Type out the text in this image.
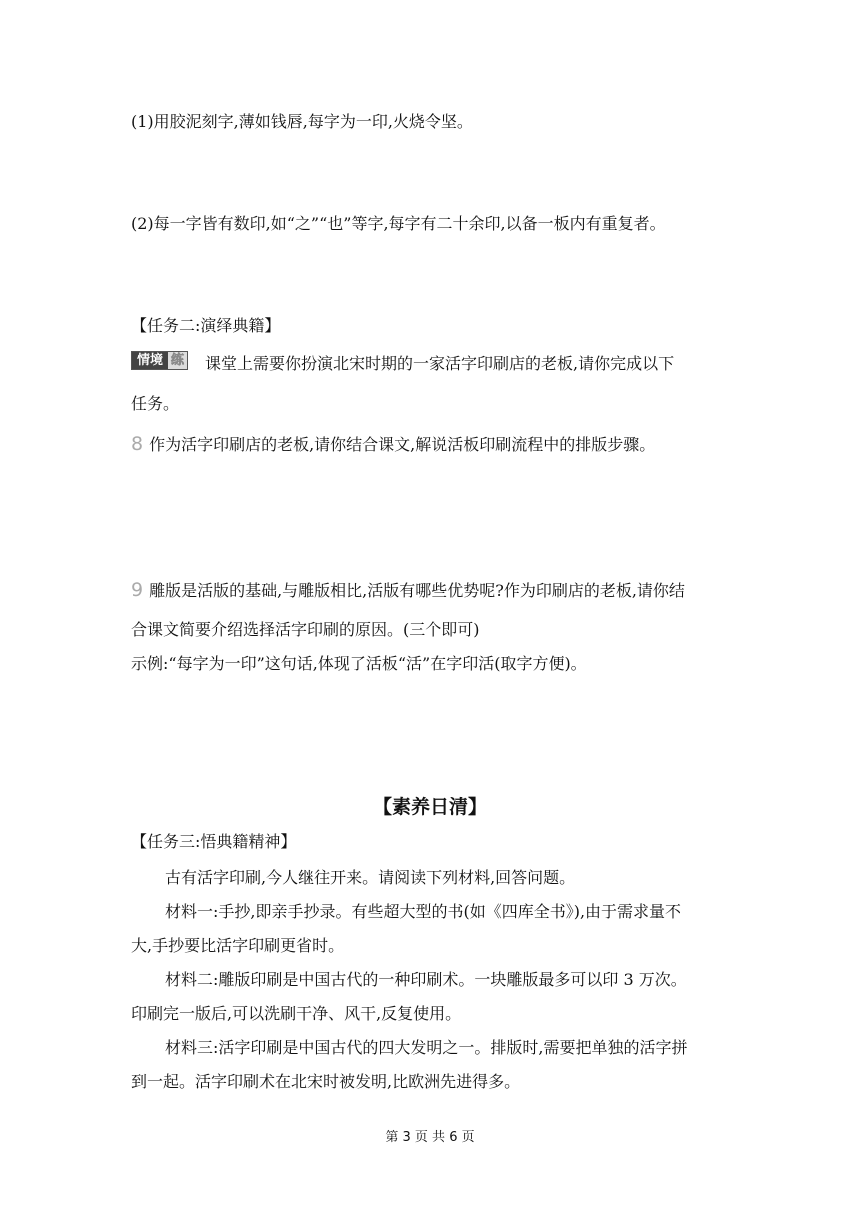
(1)用胶泥刻字,薄如钱唇,每字为一印,火烧令坚。
(2)每一字皆有数印,如“之”“也”等字,每字有二十余印,以备一板内有重复者。
【任务二:演绎典籍】
情境 练 课堂上需要你扮演北宋时期的一家活字印刷店的老板,请你完成以下
任务。
8 作为活字印刷店的老板,请你结合课文,解说活板印刷流程中的排版步骤。
9 雕版是活版的基础,与雕版相比,活版有哪些优势呢?作为印刷店的老板,请你结
合课文简要介绍选择活字印刷的原因。(三个即可)
示例:“每字为一印”这句话,体现了活板“活”在字印活(取字方便)。
【素养日清】
【任务三:悟典籍精神】
古有活字印刷,今人继往开来。请阅读下列材料,回答问题。
材料一:手抄,即亲手抄录。有些超大型的书(如《四库全书》),由于需求量不
大,手抄要比活字印刷更省时。
材料二:雕版印刷是中国古代的一种印刷术。一块雕版最多可以印 3 万次。
印刷完一版后,可以洗刷干净、风干,反复使用。
材料三:活字印刷是中国古代的四大发明之一。排版时,需要把单独的活字拼
到一起。活字印刷术在北宋时被发明,比欧洲先进得多。
第 3 页 共 6 页
